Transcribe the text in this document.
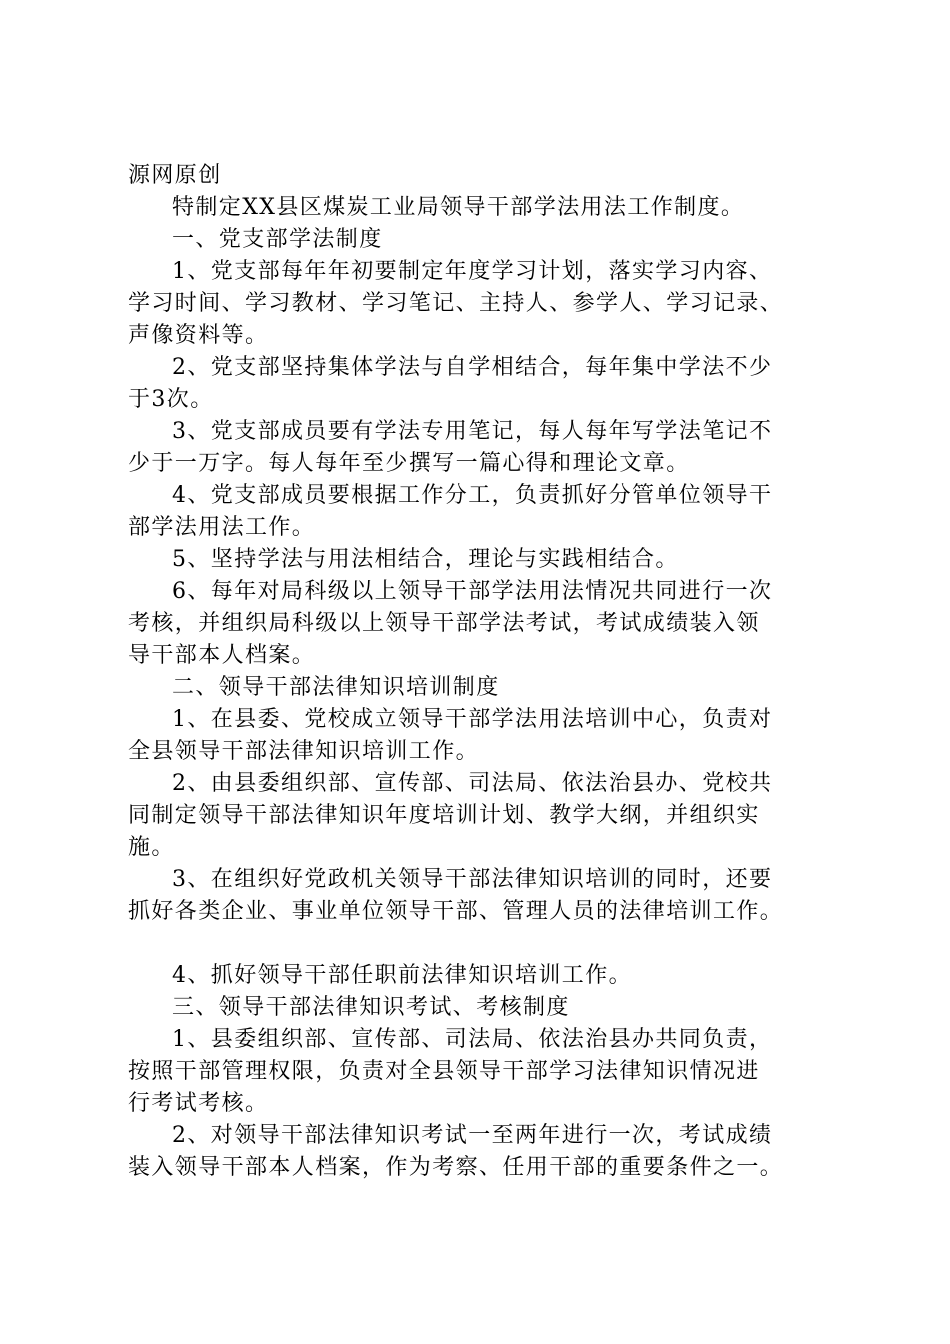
源网原创

特制定XX县区煤炭工业局领导干部学法用法工作制度。

一、党支部学法制度

1、党支部每年年初要制定年度学习计划，落实学习内容、
学习时间、学习教材、学习笔记、主持人、参学人、学习记录、
声像资料等。

2、党支部坚持集体学法与自学相结合，每年集中学法不少
于3次。

3、党支部成员要有学法专用笔记，每人每年写学法笔记不
少于一万字。每人每年至少撰写一篇心得和理论文章。

4、党支部成员要根据工作分工，负责抓好分管单位领导干
部学法用法工作。

5、坚持学法与用法相结合，理论与实践相结合。

6、每年对局科级以上领导干部学法用法情况共同进行一次
考核，并组织局科级以上领导干部学法考试，考试成绩装入领
导干部本人档案。

二、领导干部法律知识培训制度

1、在县委、党校成立领导干部学法用法培训中心，负责对
全县领导干部法律知识培训工作。

2、由县委组织部、宣传部、司法局、依法治县办、党校共
同制定领导干部法律知识年度培训计划、教学大纲，并组织实
施。

3、在组织好党政机关领导干部法律知识培训的同时，还要
抓好各类企业、事业单位领导干部、管理人员的法律培训工作。

4、抓好领导干部任职前法律知识培训工作。

三、领导干部法律知识考试、考核制度

1、县委组织部、宣传部、司法局、依法治县办共同负责，
按照干部管理权限，负责对全县领导干部学习法律知识情况进
行考试考核。

2、对领导干部法律知识考试一至两年进行一次，考试成绩
装入领导干部本人档案，作为考察、任用干部的重要条件之一。
